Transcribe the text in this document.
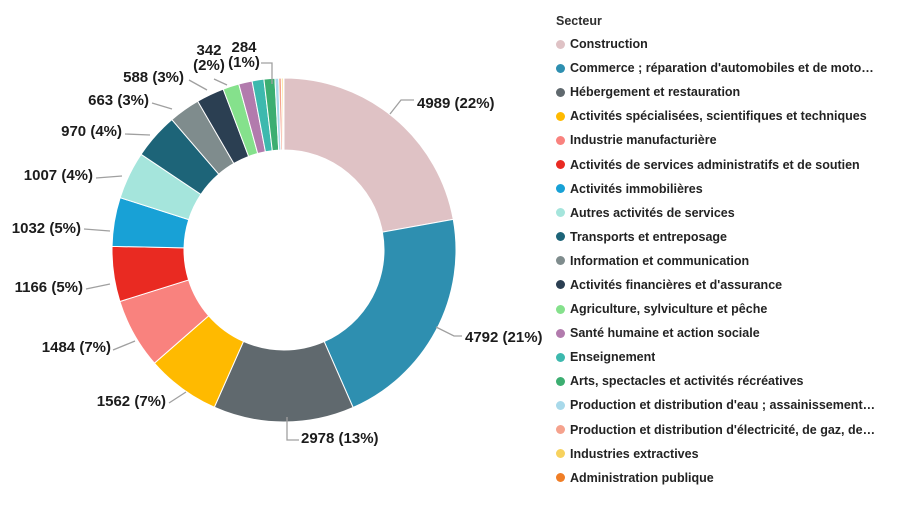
4989 (22%)
4792 (21%)
2978 (13%)
1562 (7%)
1484 (7%)
1166 (5%)
1032 (5%)
1007 (4%)
970 (4%)
663 (3%)
588 (3%)
342 (2%)
284 (1%)
Secteur
Construction
Commerce ; réparation d'automobiles et de moto…
Hébergement et restauration
Activités spécialisées, scientifiques et techniques
Industrie manufacturière
Activités de services administratifs et de soutien
Activités immobilières
Autres activités de services
Transports et entreposage
Information et communication
Activités financières et d'assurance
Agriculture, sylviculture et pêche
Santé humaine et action sociale
Enseignement
Arts, spectacles et activités récréatives
Production et distribution d'eau ; assainissement…
Production et distribution d'électricité, de gaz, de…
Industries extractives
Administration publique
